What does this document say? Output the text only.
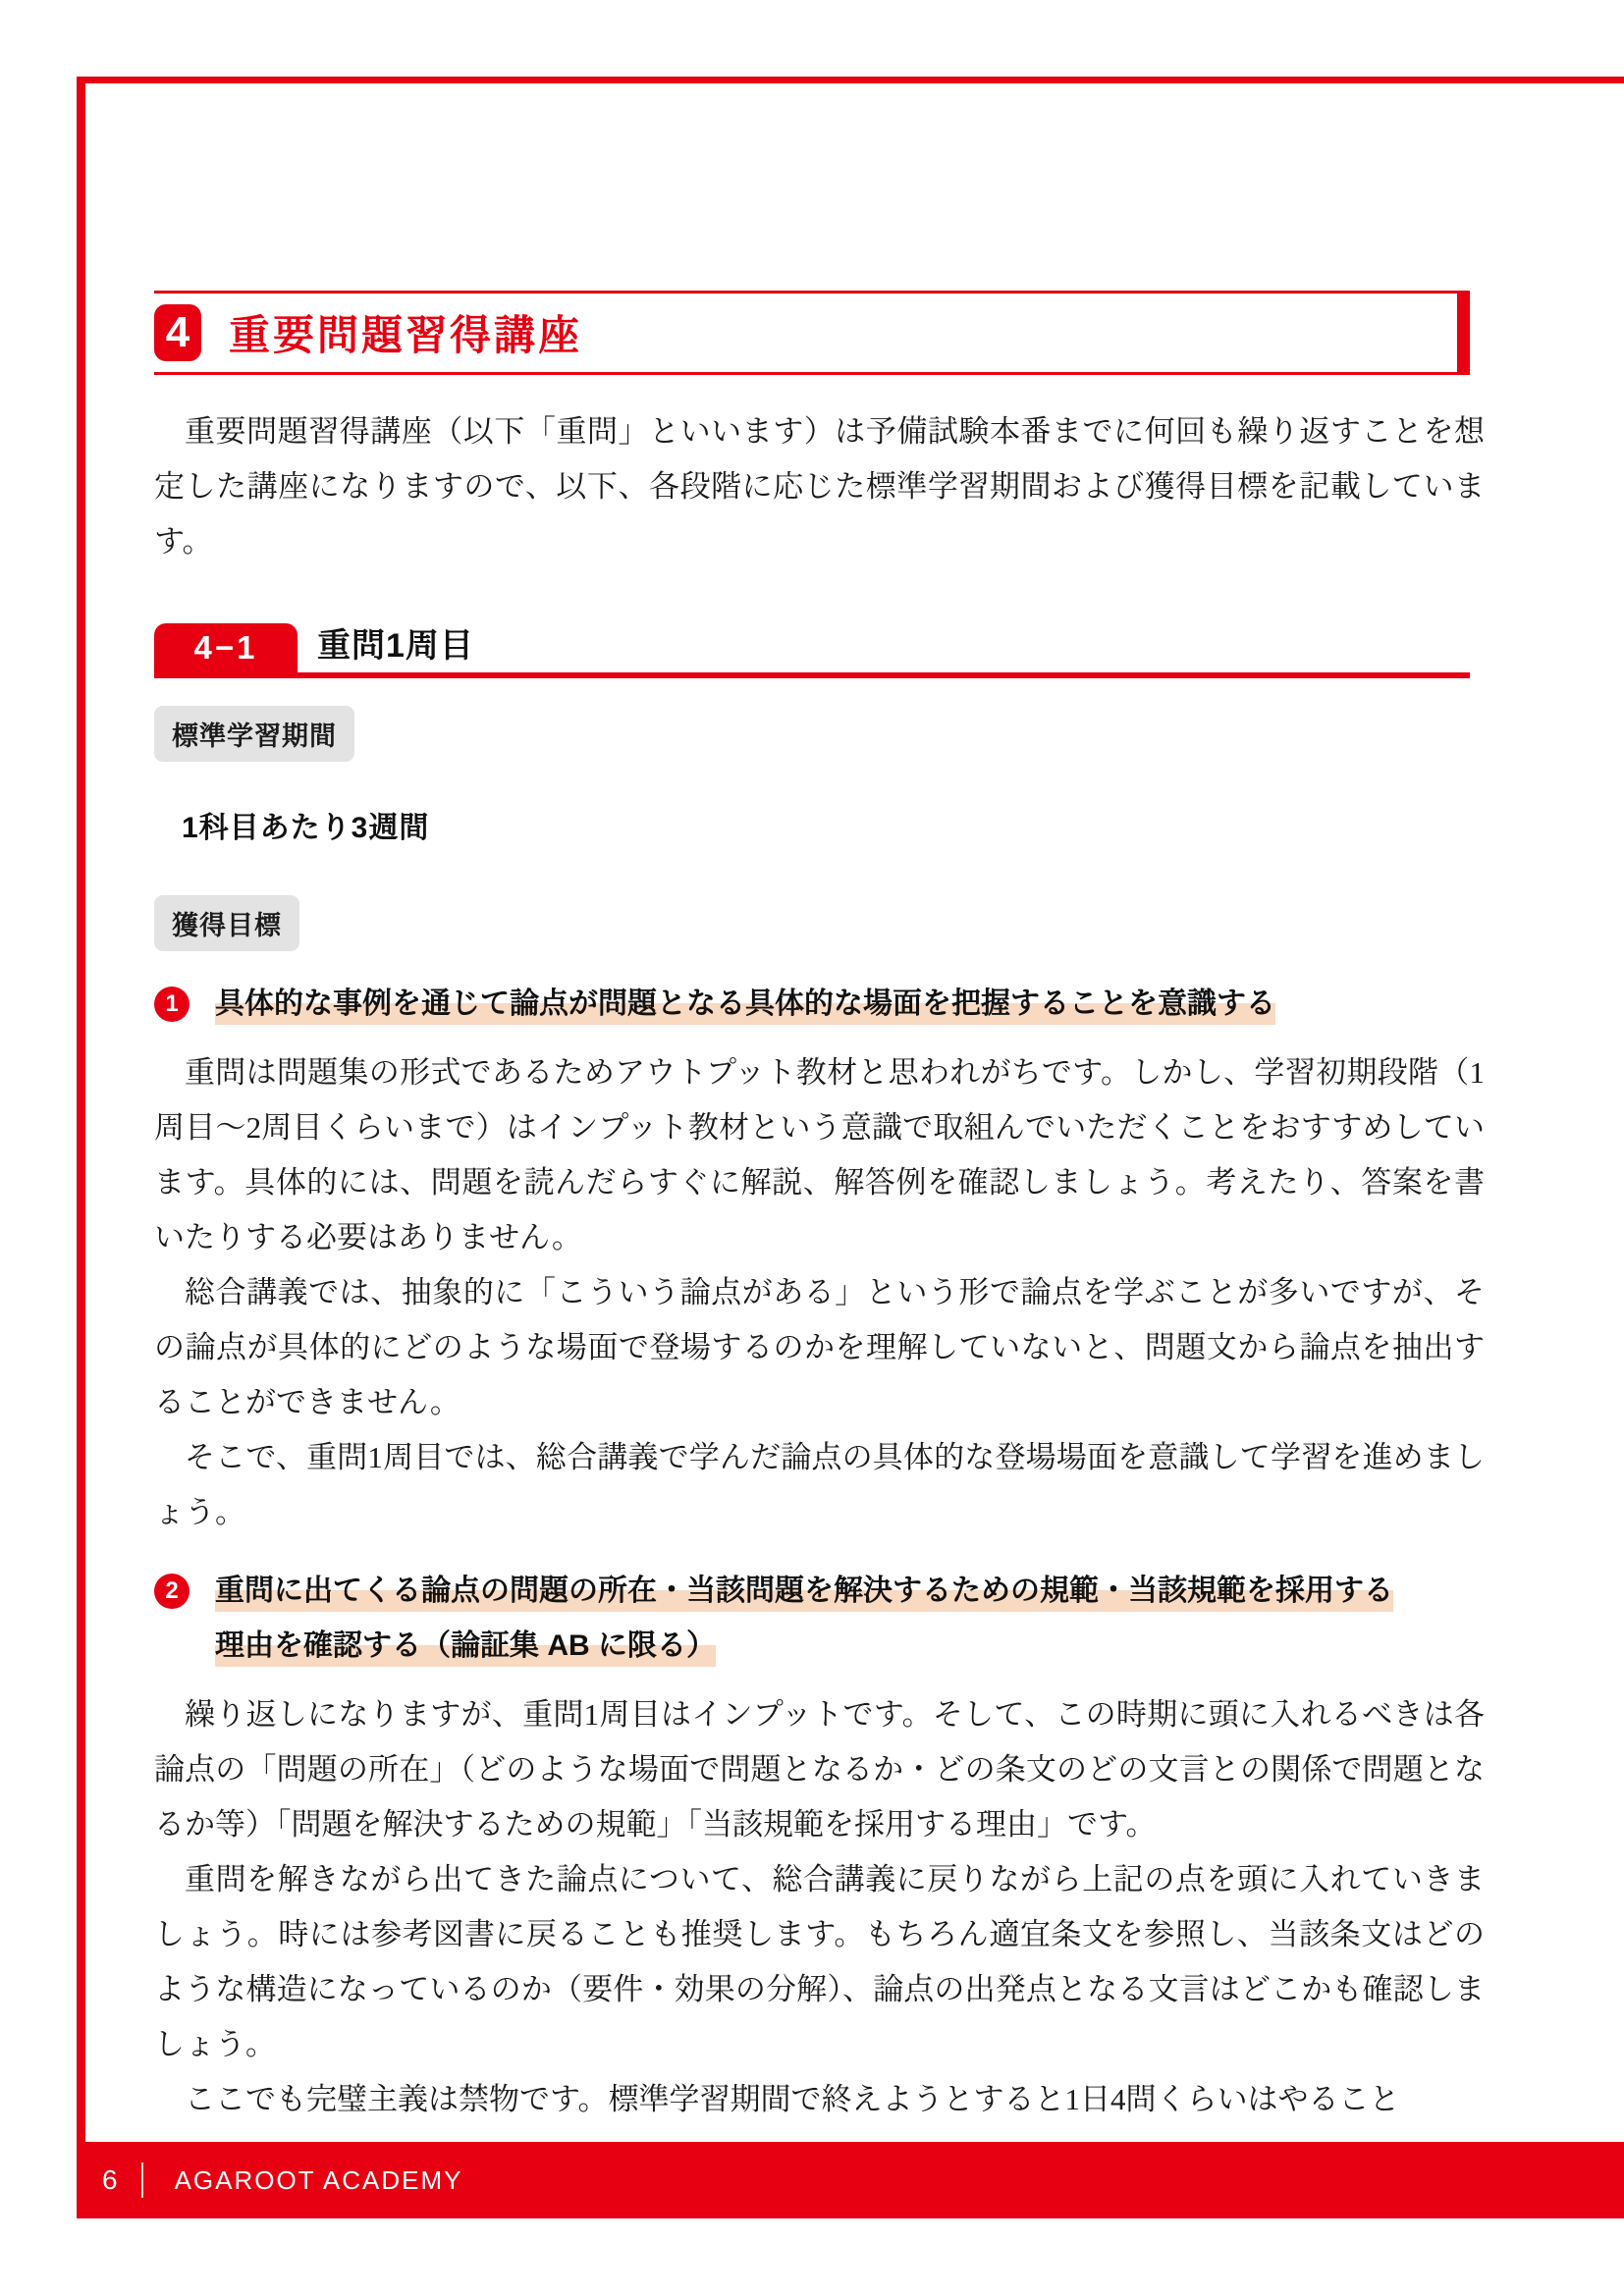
4 重要問題習得講座

重要問題習得講座（以下「重問」といいます）は予備試験本番までに何回も繰り返すことを想定した講座になりますので、以下、各段階に応じた標準学習期間および獲得目標を記載しています。

4−1	重問1周目
標準学習期間
1科目あたり3週間
獲得目標
1	具体的な事例を通じて論点が問題となる具体的な場面を把握することを意識する

重問は問題集の形式であるためアウトプット教材と思われがちです。しかし、学習初期段階（1周目〜2周目くらいまで）はインプット教材という意識で取組んでいただくことをおすすめしています。具体的には、問題を読んだらすぐに解説、解答例を確認しましょう。考えたり、答案を書いたりする必要はありません。

総合講義では、抽象的に「こういう論点がある」という形で論点を学ぶことが多いですが、その論点が具体的にどのような場面で登場するのかを理解していないと、問題文から論点を抽出することができません。

そこで、重問1周目では、総合講義で学んだ論点の具体的な登場場面を意識して学習を進めましょう。

2	重問に出てくる論点の問題の所在・当該問題を解決するための規範・当該規範を採用する理由を確認する（論証集 AB に限る）

繰り返しになりますが、重問1周目はインプットです。そして、この時期に頭に入れるべきは各論点の「問題の所在」（どのような場面で問題となるか・どの条文のどの文言との関係で問題となるか等）「問題を解決するための規範」「当該規範を採用する理由」です。

重問を解きながら出てきた論点について、総合講義に戻りながら上記の点を頭に入れていきましょう。時には参考図書に戻ることも推奨します。もちろん適宜条文を参照し、当該条文はどのような構造になっているのか（要件・効果の分解）、論点の出発点となる文言はどこかも確認しましょう。

ここでも完璧主義は禁物です。標準学習期間で終えようとすると1日4問くらいはやること

6 AGAROOT ACADEMY
